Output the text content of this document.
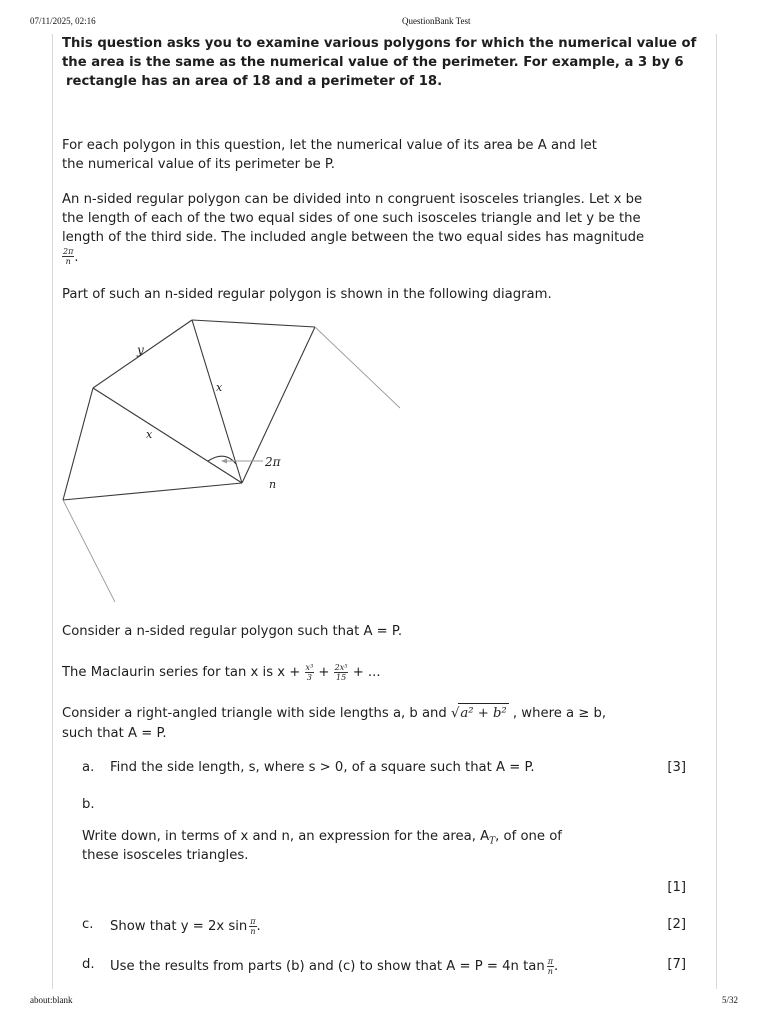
07/11/2025, 02:16	QuestionBank Test

This question asks you to examine various polygons for which the numerical value of

the area is the same as the numerical value of the perimeter. For example, a 3 by 6

rectangle has an area of 18 and a perimeter of 18.

For each polygon in this question, let the numerical value of its area be A and let

the numerical value of its perimeter be P.

An n-sided regular polygon can be divided into n congruent isosceles triangles. Let x be

the length of each of the two equal sides of one such isosceles triangle and let y be the

length of the third side. The included angle between the two equal sides has magnitude

$\frac{2\pi}{n}$ .

Part of such an n-sided regular polygon is shown in the following diagram.

y
x
x
2π
n

Consider a n-sided regular polygon such that A = P.

The Maclaurin series for tan x is x +
$\frac{\text{x³}}{3} + \frac{\text{2x⁵}}{15}$
+ ...
Consider a right-angled triangle with side lengths a, b and √a² + b² , where a ≥ b,

such that A = P.

a. Find the side length, s, where s > 0, of a square such that A = P.	[3]
b.
Write down, in terms of x and n, an expression for the area, $A_T$, of one of
these isosceles triangles.
[1]
c. Show that y = 2x $\sin \frac{\pi}{n}$ .	[2]
d. Use the results from parts (b) and (c) to show that A = P = 4n $\tan \frac{\pi}{n}$ .	[7]
about:blank	5/32
